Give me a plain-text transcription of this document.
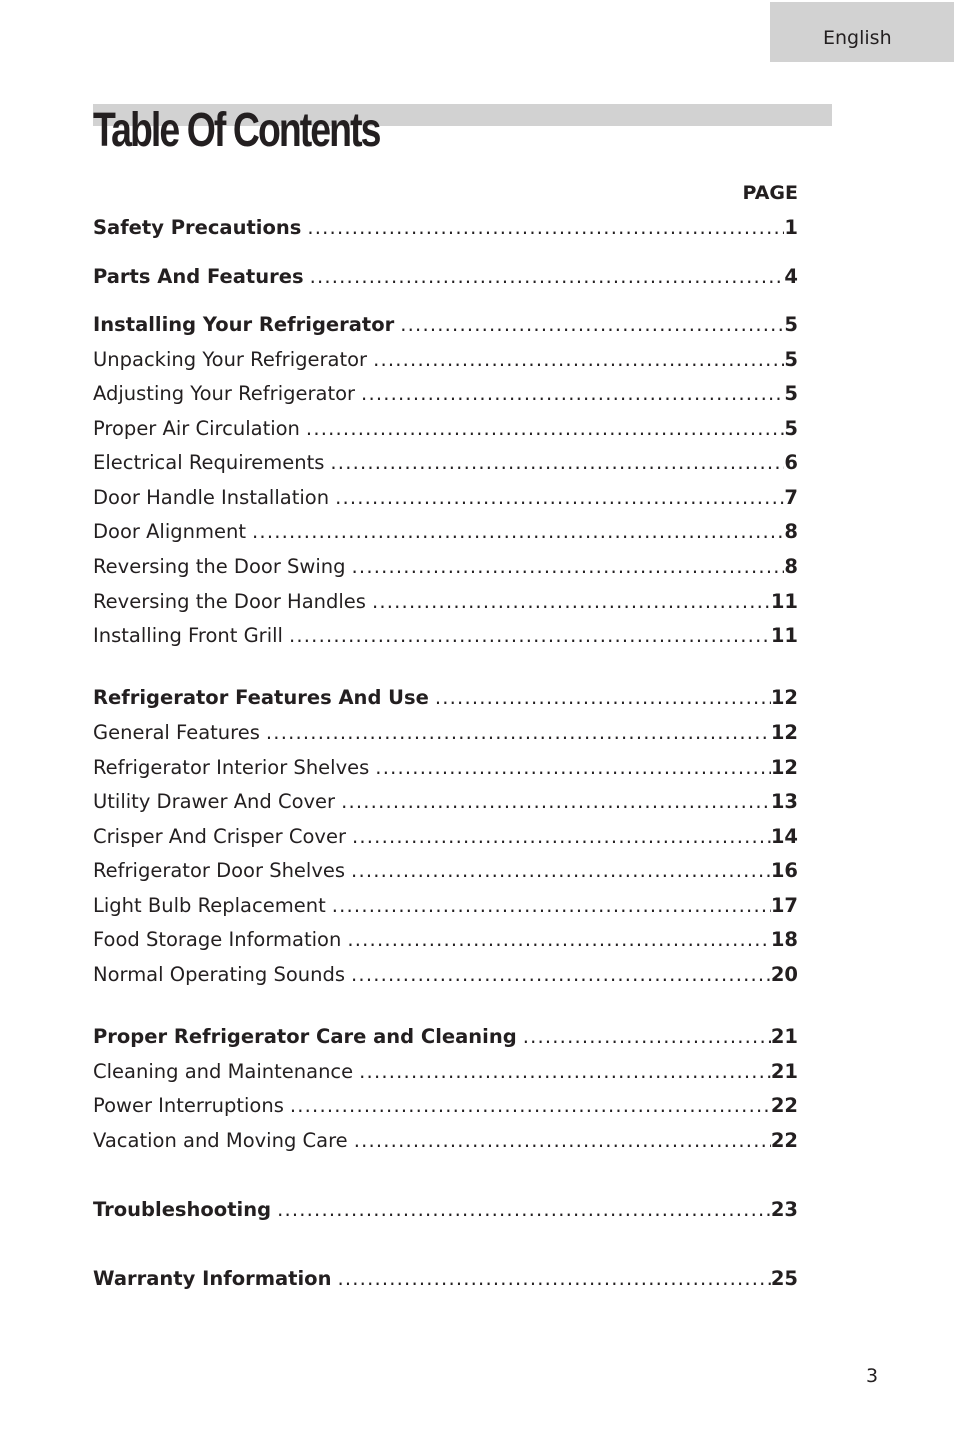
English
Table Of Contents
PAGE
Safety Precautions .....	1
Parts And Features .....	4
Installing Your Refrigerator .....	5
Unpacking Your Refrigerator .....	5
Adjusting Your Refrigerator .....	5
Proper Air Circulation .....	5
Electrical Requirements .....	6
Door Handle Installation .....	7
Door Alignment .....	8
Reversing the Door Swing .....	8
Reversing the Door Handles .....	11
Installing Front Grill .....	11
Refrigerator Features And Use .....	12
General Features .....	12
Refrigerator Interior Shelves .....	12
Utility Drawer And Cover .....	13
Crisper And Crisper Cover .....	14
Refrigerator Door Shelves .....	16
Light Bulb Replacement .....	17
Food Storage Information .....	18
Normal Operating Sounds .....	20
Proper Refrigerator Care and Cleaning .....	21
Cleaning and Maintenance .....	21
Power Interruptions .....	22
Vacation and Moving Care .....	22
Troubleshooting .....	23
Warranty Information .....	25
3
